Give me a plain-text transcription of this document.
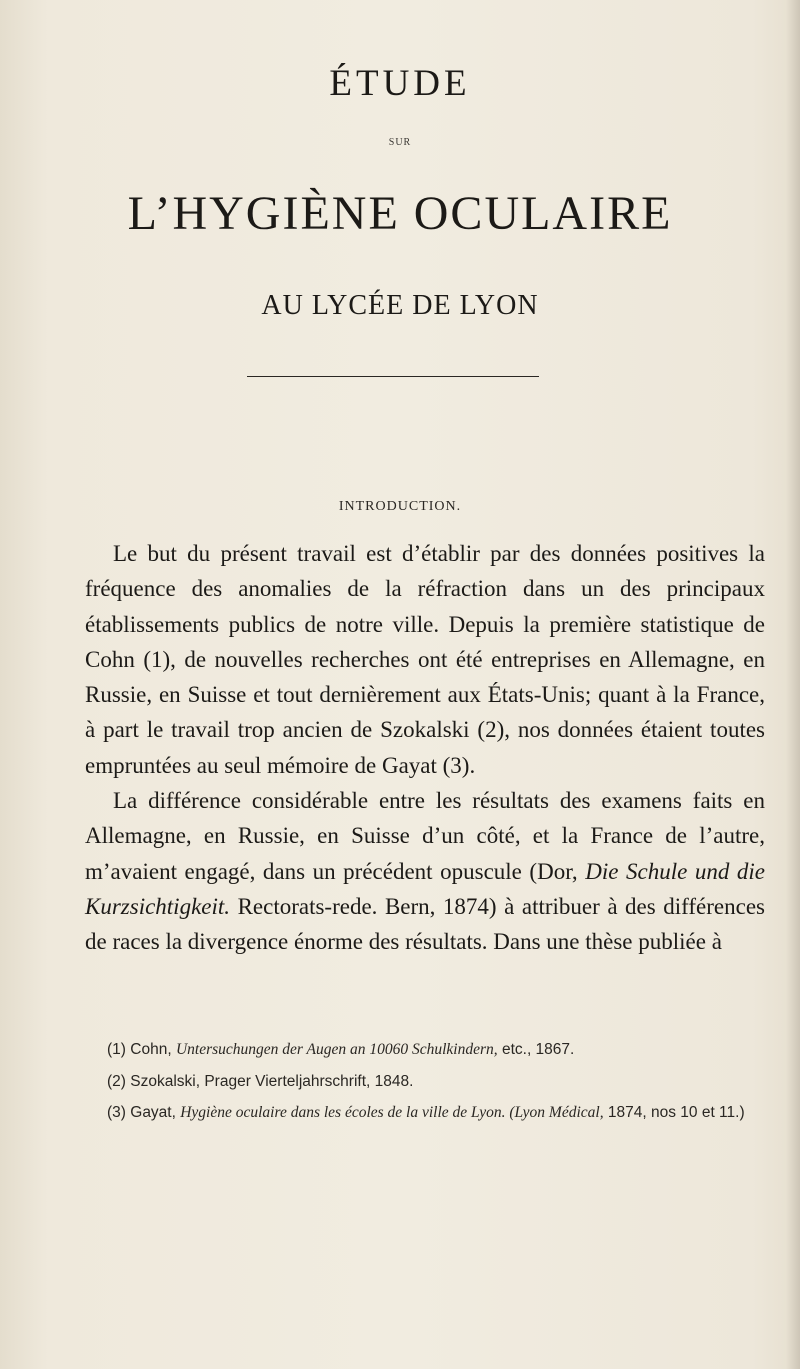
ÉTUDE
SUR
L’HYGIÈNE OCULAIRE
AU LYCÉE DE LYON
INTRODUCTION.

Le but du présent travail est d’établir par des données positives la fréquence des anomalies de la réfraction dans un des principaux établissements publics de notre ville. Depuis la première statistique de Cohn (1), de nouvelles recherches ont été entreprises en Allemagne, en Russie, en Suisse et tout dernièrement aux États-Unis; quant à la France, à part le travail trop ancien de Szokalski (2), nos données étaient toutes empruntées au seul mémoire de Gayat (3).

La différence considérable entre les résultats des examens faits en Allemagne, en Russie, en Suisse d’un côté, et la France de l’autre, m’avaient engagé, dans un précédent opuscule (Dor, Die Schule und die Kurzsichtigkeit. Rectorats-rede. Bern, 1874) à attribuer à des différences de races la divergence énorme des résultats. Dans une thèse publiée à

(1) Cohn, Untersuchungen der Augen an 10060 Schulkindern, etc., 1867.

(2) Szokalski, Prager Vierteljahrschrift, 1848.

(3) Gayat, Hygiène oculaire dans les écoles de la ville de Lyon. (Lyon Médical, 1874, nos 10 et 11.)
